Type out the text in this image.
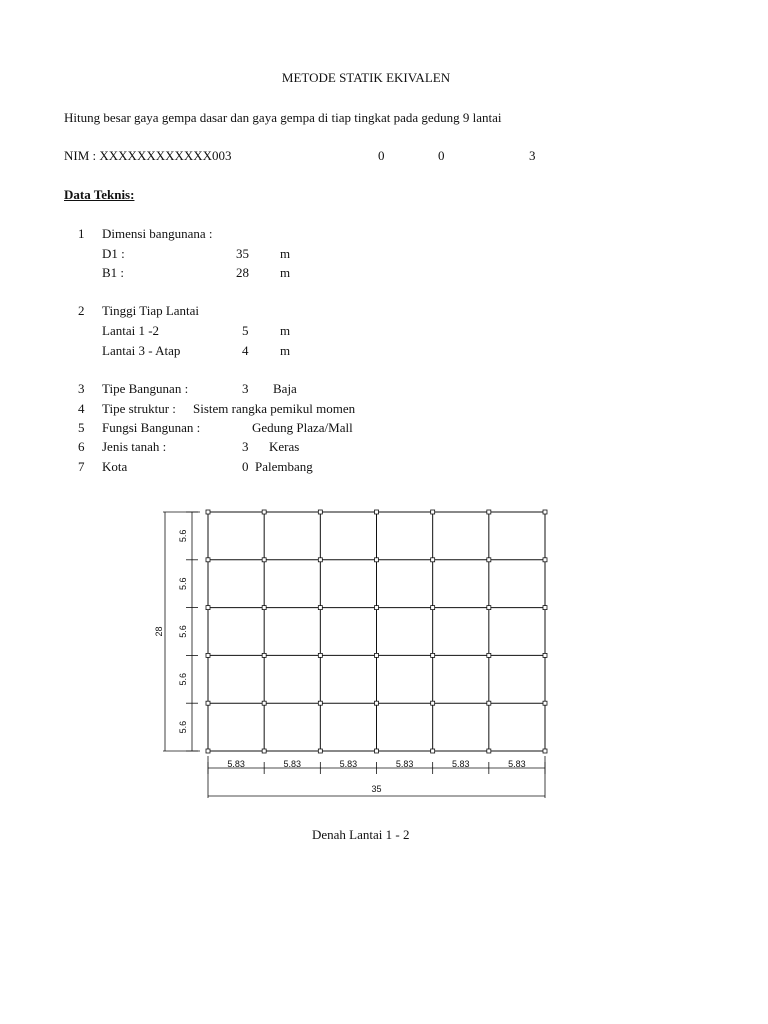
METODE STATIK EKIVALEN
Hitung besar gaya gempa dasar dan gaya gempa di tiap tingkat pada gedung 9 lantai
NIM : XXXXXXXXXXXX003	0	0	3
Data Teknis:
1 Dimensi bangunana :
D1 :	35 m
B1 :	28 m
2 Tinggi Tiap Lantai
Lantai 1 -2	5 m
Lantai 3 - Atap	4 m
3 Tipe Bangunan :	3 Baja
4 Tipe struktur : Sistem rangka pemikul momen
5 Fungsi Bangunan :	Gedung Plaza/Mall
6 Jenis tanah :	3 Keras
7 Kota	0 Palembang
5.83	5.83	5.83	5.83	5.83	5.83
35
5.6
5.6
5.6
5.6
5.6
28
Denah Lantai 1 - 2
